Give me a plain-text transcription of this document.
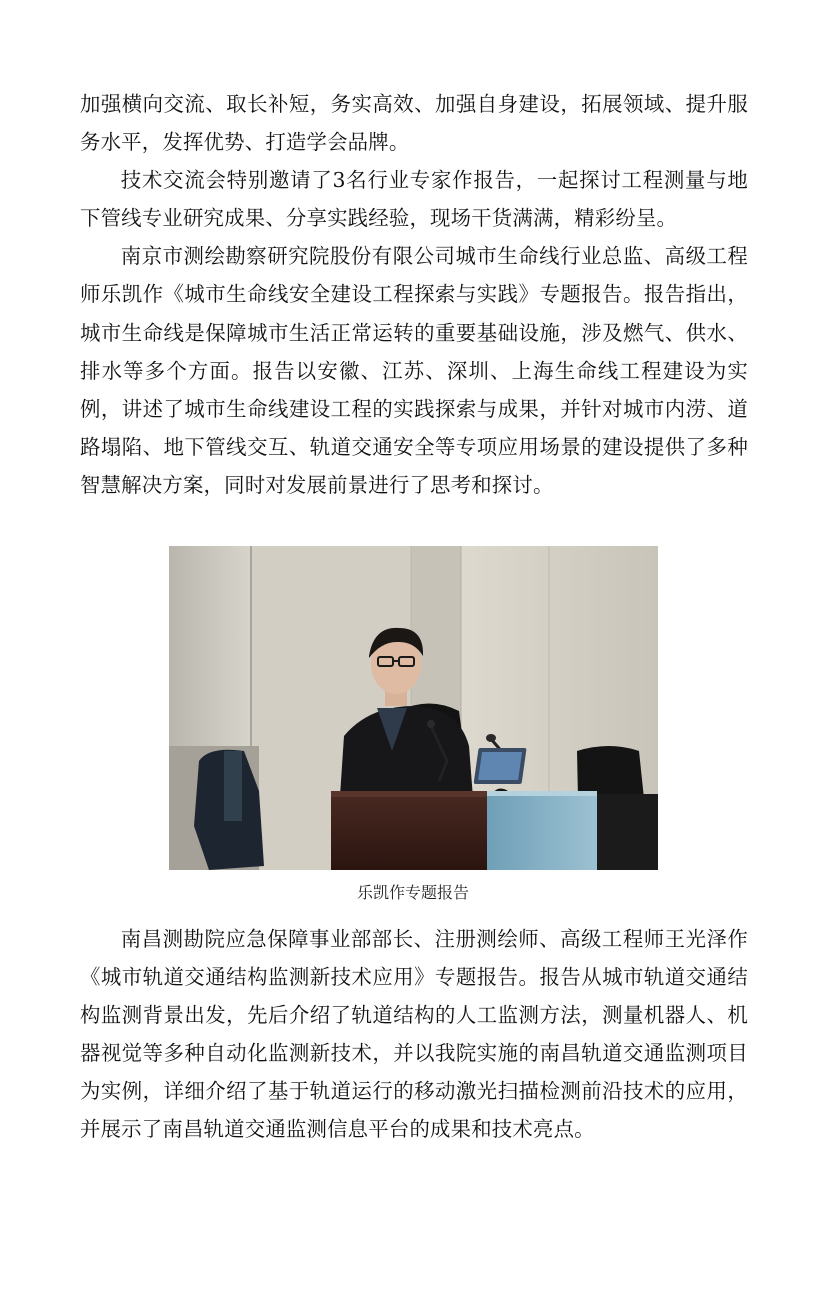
加强横向交流、取长补短，务实高效、加强自身建设，拓展领域、提升服务水平，发挥优势、打造学会品牌。

技术交流会特别邀请了3名行业专家作报告，一起探讨工程测量与地下管线专业研究成果、分享实践经验，现场干货满满，精彩纷呈。

南京市测绘勘察研究院股份有限公司城市生命线行业总监、高级工程师乐凯作《城市生命线安全建设工程探索与实践》专题报告。报告指出，城市生命线是保障城市生活正常运转的重要基础设施，涉及燃气、供水、排水等多个方面。报告以安徽、江苏、深圳、上海生命线工程建设为实例，讲述了城市生命线建设工程的实践探索与成果，并针对城市内涝、道路塌陷、地下管线交互、轨道交通安全等专项应用场景的建设提供了多种智慧解决方案，同时对发展前景进行了思考和探讨。

乐凯作专题报告

南昌测勘院应急保障事业部部长、注册测绘师、高级工程师王光泽作《城市轨道交通结构监测新技术应用》专题报告。报告从城市轨道交通结构监测背景出发，先后介绍了轨道结构的人工监测方法，测量机器人、机器视觉等多种自动化监测新技术，并以我院实施的南昌轨道交通监测项目为实例，详细介绍了基于轨道运行的移动激光扫描检测前沿技术的应用，并展示了南昌轨道交通监测信息平台的成果和技术亮点。
